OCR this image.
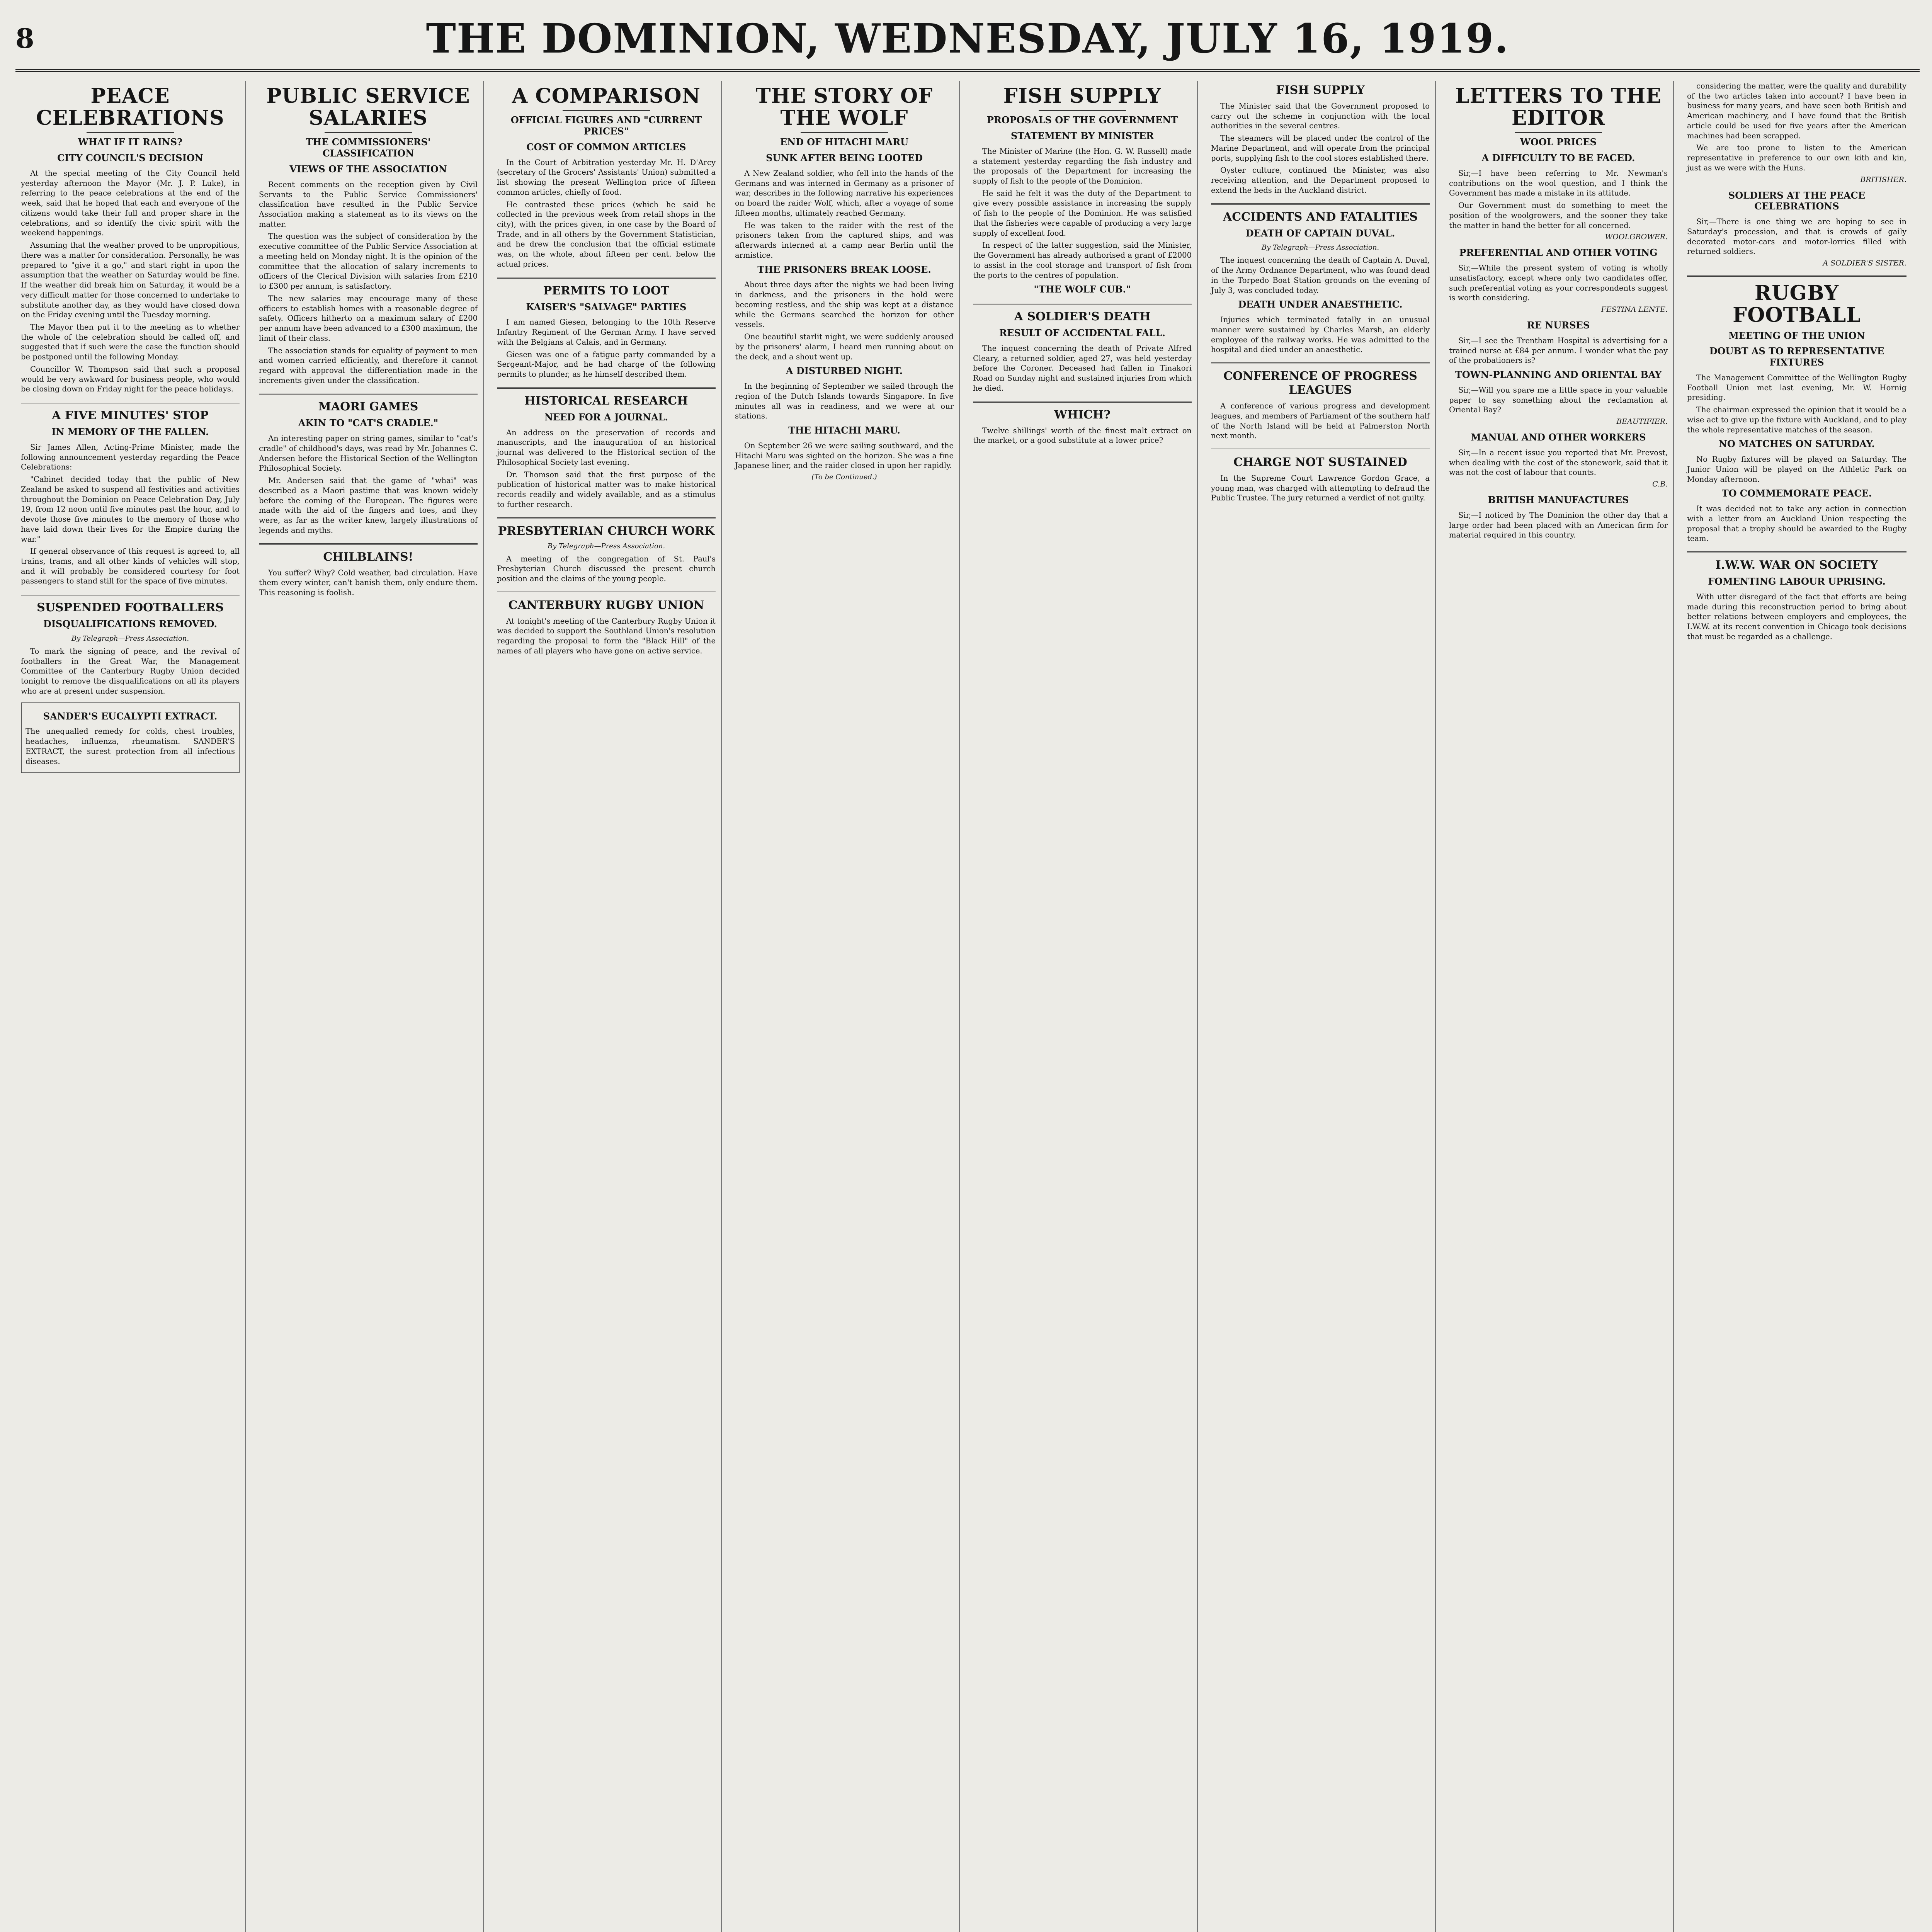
8	THE DOMINION, WEDNESDAY, JULY 16, 1919.
PEACE CELEBRATIONS
WHAT IF IT RAINS?
CITY COUNCIL'S DECISION

At the special meeting of the City Council held yesterday afternoon the Mayor (Mr. J. P. Luke), in referring to the peace celebrations at the end of the week, said that he hoped that each and everyone of the citizens would take their full and proper share in the celebrations, and so identify the civic spirit with the weekend happenings.

Assuming that the weather proved to be unpropitious, there was a matter for consideration. Personally, he was prepared to "give it a go," and start right in upon the assumption that the weather on Saturday would be fine. If the weather did break him on Saturday, it would be a very difficult matter for those concerned to undertake to substitute another day, as they would have closed down on the Friday evening until the Tuesday morning.

The Mayor then put it to the meeting as to whether the whole of the celebration should be called off, and suggested that if such were the case the function should be postponed until the following Monday.

Councillor W. Thompson said that such a proposal would be very awkward for business people, who would be closing down on Friday night for the peace holidays.

A FIVE MINUTES' STOP
IN MEMORY OF THE FALLEN.

Sir James Allen, Acting-Prime Minister, made the following announcement yesterday regarding the Peace Celebrations:

"Cabinet decided today that the public of New Zealand be asked to suspend all festivities and activities throughout the Dominion on Peace Celebration Day, July 19, from 12 noon until five minutes past the hour, and to devote those five minutes to the memory of those who have laid down their lives for the Empire during the war."

If general observance of this request is agreed to, all trains, trams, and all other kinds of vehicles will stop, and it will probably be considered courtesy for foot passengers to stand still for the space of five minutes.

SUSPENDED FOOTBALLERS
DISQUALIFICATIONS REMOVED.
By Telegraph—Press Association.

To mark the signing of peace, and the revival of footballers in the Great War, the Management Committee of the Canterbury Rugby Union decided tonight to remove the disqualifications on all its players who are at present under suspension.

SANDER'S EUCALYPTI EXTRACT.

The unequalled remedy for colds, chest troubles, headaches, influenza, rheumatism. SANDER'S EXTRACT, the surest protection from all infectious diseases.

PUBLIC SERVICE SALARIES
THE COMMISSIONERS' CLASSIFICATION
VIEWS OF THE ASSOCIATION

Recent comments on the reception given by Civil Servants to the Public Service Commissioners' classification have resulted in the Public Service Association making a statement as to its views on the matter.

The question was the subject of consideration by the executive committee of the Public Service Association at a meeting held on Monday night. It is the opinion of the committee that the allocation of salary increments to officers of the Clerical Division with salaries from £210 to £300 per annum, is satisfactory.

The new salaries may encourage many of these officers to establish homes with a reasonable degree of safety. Officers hitherto on a maximum salary of £200 per annum have been advanced to a £300 maximum, the limit of their class.

The association stands for equality of payment to men and women carried efficiently, and therefore it cannot regard with approval the differentiation made in the increments given under the classification.

MAORI GAMES
AKIN TO "CAT'S CRADLE."

An interesting paper on string games, similar to "cat's cradle" of childhood's days, was read by Mr. Johannes C. Andersen before the Historical Section of the Wellington Philosophical Society.

Mr. Andersen said that the game of "whai" was described as a Maori pastime that was known widely before the coming of the European. The figures were made with the aid of the fingers and toes, and they were, as far as the writer knew, largely illustrations of legends and myths.

CHILBLAINS!

You suffer? Why? Cold weather, bad circulation. Have them every winter, can't banish them, only endure them. This reasoning is foolish.

A COMPARISON
OFFICIAL FIGURES AND "CURRENT PRICES"
COST OF COMMON ARTICLES

In the Court of Arbitration yesterday Mr. H. D'Arcy (secretary of the Grocers' Assistants' Union) submitted a list showing the present Wellington price of fifteen common articles, chiefly of food.

He contrasted these prices (which he said he collected in the previous week from retail shops in the city), with the prices given, in one case by the Board of Trade, and in all others by the Government Statistician, and he drew the conclusion that the official estimate was, on the whole, about fifteen per cent. below the actual prices.

PERMITS TO LOOT
KAISER'S "SALVAGE" PARTIES

I am named Giesen, belonging to the 10th Reserve Infantry Regiment of the German Army. I have served with the Belgians at Calais, and in Germany.

Giesen was one of a fatigue party commanded by a Sergeant-Major, and he had charge of the following permits to plunder, as he himself described them.

HISTORICAL RESEARCH
NEED FOR A JOURNAL.

An address on the preservation of records and manuscripts, and the inauguration of an historical journal was delivered to the Historical section of the Philosophical Society last evening.

Dr. Thomson said that the first purpose of the publication of historical matter was to make historical records readily and widely available, and as a stimulus to further research.

PRESBYTERIAN CHURCH WORK
By Telegraph—Press Association.

A meeting of the congregation of St. Paul's Presbyterian Church discussed the present church position and the claims of the young people.

CANTERBURY RUGBY UNION

At tonight's meeting of the Canterbury Rugby Union it was decided to support the Southland Union's resolution regarding the proposal to form the "Black Hill" of the names of all players who have gone on active service.

THE STORY OF THE WOLF
END OF HITACHI MARU
SUNK AFTER BEING LOOTED

A New Zealand soldier, who fell into the hands of the Germans and was interned in Germany as a prisoner of war, describes in the following narrative his experiences on board the raider Wolf, which, after a voyage of some fifteen months, ultimately reached Germany.

He was taken to the raider with the rest of the prisoners taken from the captured ships, and was afterwards interned at a camp near Berlin until the armistice.

THE PRISONERS BREAK LOOSE.

About three days after the nights we had been living in darkness, and the prisoners in the hold were becoming restless, and the ship was kept at a distance while the Germans searched the horizon for other vessels.

One beautiful starlit night, we were suddenly aroused by the prisoners' alarm, I heard men running about on the deck, and a shout went up.

A DISTURBED NIGHT.

In the beginning of September we sailed through the region of the Dutch Islands towards Singapore. In five minutes all was in readiness, and we were at our stations.

THE HITACHI MARU.

On September 26 we were sailing southward, and the Hitachi Maru was sighted on the horizon. She was a fine Japanese liner, and the raider closed in upon her rapidly.

(To be Continued.)
FISH SUPPLY
PROPOSALS OF THE GOVERNMENT
STATEMENT BY MINISTER

The Minister of Marine (the Hon. G. W. Russell) made a statement yesterday regarding the fish industry and the proposals of the Department for increasing the supply of fish to the people of the Dominion.

He said he felt it was the duty of the Department to give every possible assistance in increasing the supply of fish to the people of the Dominion. He was satisfied that the fisheries were capable of producing a very large supply of excellent food.

In respect of the latter suggestion, said the Minister, the Government has already authorised a grant of £2000 to assist in the cool storage and transport of fish from the ports to the centres of population.

"THE WOLF CUB."
A SOLDIER'S DEATH
RESULT OF ACCIDENTAL FALL.

The inquest concerning the death of Private Alfred Cleary, a returned soldier, aged 27, was held yesterday before the Coroner. Deceased had fallen in Tinakori Road on Sunday night and sustained injuries from which he died.

WHICH?

Twelve shillings' worth of the finest malt extract on the market, or a good substitute at a lower price?

FISH SUPPLY

The Minister said that the Government proposed to carry out the scheme in conjunction with the local authorities in the several centres.

The steamers will be placed under the control of the Marine Department, and will operate from the principal ports, supplying fish to the cool stores established there.

Oyster culture, continued the Minister, was also receiving attention, and the Department proposed to extend the beds in the Auckland district.

ACCIDENTS AND FATALITIES
DEATH OF CAPTAIN DUVAL.
By Telegraph—Press Association.

The inquest concerning the death of Captain A. Duval, of the Army Ordnance Department, who was found dead in the Torpedo Boat Station grounds on the evening of July 3, was concluded today.

DEATH UNDER ANAESTHETIC.

Injuries which terminated fatally in an unusual manner were sustained by Charles Marsh, an elderly employee of the railway works. He was admitted to the hospital and died under an anaesthetic.

CONFERENCE OF PROGRESS LEAGUES

A conference of various progress and development leagues, and members of Parliament of the southern half of the North Island will be held at Palmerston North next month.

CHARGE NOT SUSTAINED

In the Supreme Court Lawrence Gordon Grace, a young man, was charged with attempting to defraud the Public Trustee. The jury returned a verdict of not guilty.

LETTERS TO THE EDITOR
WOOL PRICES
A DIFFICULTY TO BE FACED.

Sir,—I have been referring to Mr. Newman's contributions on the wool question, and I think the Government has made a mistake in its attitude.

Our Government must do something to meet the position of the woolgrowers, and the sooner they take the matter in hand the better for all concerned.

WOOLGROWER.
PREFERENTIAL AND OTHER VOTING

Sir,—While the present system of voting is wholly unsatisfactory, except where only two candidates offer, such preferential voting as your correspondents suggest is worth considering.

FESTINA LENTE.
RE NURSES

Sir,—I see the Trentham Hospital is advertising for a trained nurse at £84 per annum. I wonder what the pay of the probationers is?

TOWN-PLANNING AND ORIENTAL BAY

Sir,—Will you spare me a little space in your valuable paper to say something about the reclamation at Oriental Bay?

BEAUTIFIER.
MANUAL AND OTHER WORKERS

Sir,—In a recent issue you reported that Mr. Prevost, when dealing with the cost of the stonework, said that it was not the cost of labour that counts.

C.B.
BRITISH MANUFACTURES

Sir,—I noticed by The Dominion the other day that a large order had been placed with an American firm for material required in this country.

considering the matter, were the quality and durability of the two articles taken into account? I have been in business for many years, and have seen both British and American machinery, and I have found that the British article could be used for five years after the American machines had been scrapped.

We are too prone to listen to the American representative in preference to our own kith and kin, just as we were with the Huns.

BRITISHER.
SOLDIERS AT THE PEACE CELEBRATIONS

Sir,—There is one thing we are hoping to see in Saturday's procession, and that is crowds of gaily decorated motor-cars and motor-lorries filled with returned soldiers.

A SOLDIER'S SISTER.
RUGBY FOOTBALL
MEETING OF THE UNION
DOUBT AS TO REPRESENTATIVE FIXTURES

The Management Committee of the Wellington Rugby Football Union met last evening, Mr. W. Hornig presiding.

The chairman expressed the opinion that it would be a wise act to give up the fixture with Auckland, and to play the whole representative matches of the season.

NO MATCHES ON SATURDAY.

No Rugby fixtures will be played on Saturday. The Junior Union will be played on the Athletic Park on Monday afternoon.

TO COMMEMORATE PEACE.

It was decided not to take any action in connection with a letter from an Auckland Union respecting the proposal that a trophy should be awarded to the Rugby team.

I.W.W. WAR ON SOCIETY
FOMENTING LABOUR UPRISING.

With utter disregard of the fact that efforts are being made during this reconstruction period to bring about better relations between employers and employees, the I.W.W. at its recent convention in Chicago took decisions that must be regarded as a challenge.
